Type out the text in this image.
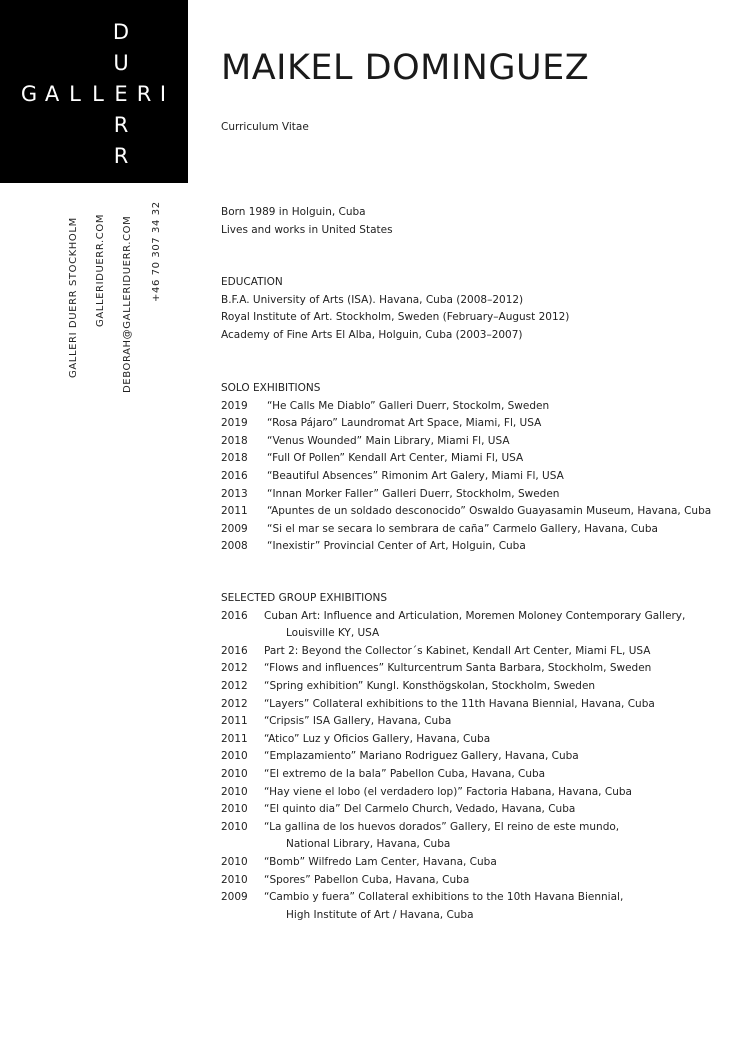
D
U
G A L L E R I
R
R
GALLERI DUERR STOCKHOLM GALLERIDUERR.COM DEBORAH@GALLERIDUERR.COM +46 70 307 34 32
MAIKEL DOMINGUEZ
Curriculum Vitae
Born 1989 in Holguin, Cuba
Lives and works in United States
EDUCATION
B.F.A. University of Arts (ISA). Havana, Cuba (2008–2012)
Royal Institute of Art. Stockholm, Sweden (February–August 2012)
Academy of Fine Arts El Alba, Holguin, Cuba (2003–2007)
SOLO EXHIBITIONS
2019	“He Calls Me Diablo” Galleri Duerr, Stockolm, Sweden
2019	“Rosa Pájaro” Laundromat Art Space, Miami, Fl, USA
2018	“Venus Wounded” Main Library, Miami Fl, USA
2018	“Full Of Pollen” Kendall Art Center, Miami Fl, USA
2016	“Beautiful Absences” Rimonim Art Galery, Miami Fl, USA
2013	“Innan Morker Faller” Galleri Duerr, Stockholm, Sweden
2011	“Apuntes de un soldado desconocido” Oswaldo Guayasamin Museum, Havana, Cuba
2009	“Si el mar se secara lo sembrara de caña” Carmelo Gallery, Havana, Cuba
2008	“Inexistir” Provincial Center of Art, Holguin, Cuba
SELECTED GROUP EXHIBITIONS
2016	Cuban Art: Influence and Articulation, Moremen Moloney Contemporary Gallery,
Louisville KY, USA
2016	Part 2: Beyond the Collector´s Kabinet, Kendall Art Center, Miami FL, USA
2012	“Flows and influences” Kulturcentrum Santa Barbara, Stockholm, Sweden
2012	“Spring exhibition” Kungl. Konsthögskolan, Stockholm, Sweden
2012	“Layers” Collateral exhibitions to the 11th Havana Biennial, Havana, Cuba
2011	“Cripsis” ISA Gallery, Havana, Cuba
2011	“Atico” Luz y Oficios Gallery, Havana, Cuba
2010	“Emplazamiento” Mariano Rodriguez Gallery, Havana, Cuba
2010	“El extremo de la bala” Pabellon Cuba, Havana, Cuba
2010	“Hay viene el lobo (el verdadero lop)” Factoria Habana, Havana, Cuba
2010	“El quinto dia” Del Carmelo Church, Vedado, Havana, Cuba
2010	“La gallina de los huevos dorados” Gallery, El reino de este mundo,
National Library, Havana, Cuba
2010	“Bomb” Wilfredo Lam Center, Havana, Cuba
2010	“Spores” Pabellon Cuba, Havana, Cuba
2009	“Cambio y fuera” Collateral exhibitions to the 10th Havana Biennial,
High Institute of Art / Havana, Cuba
